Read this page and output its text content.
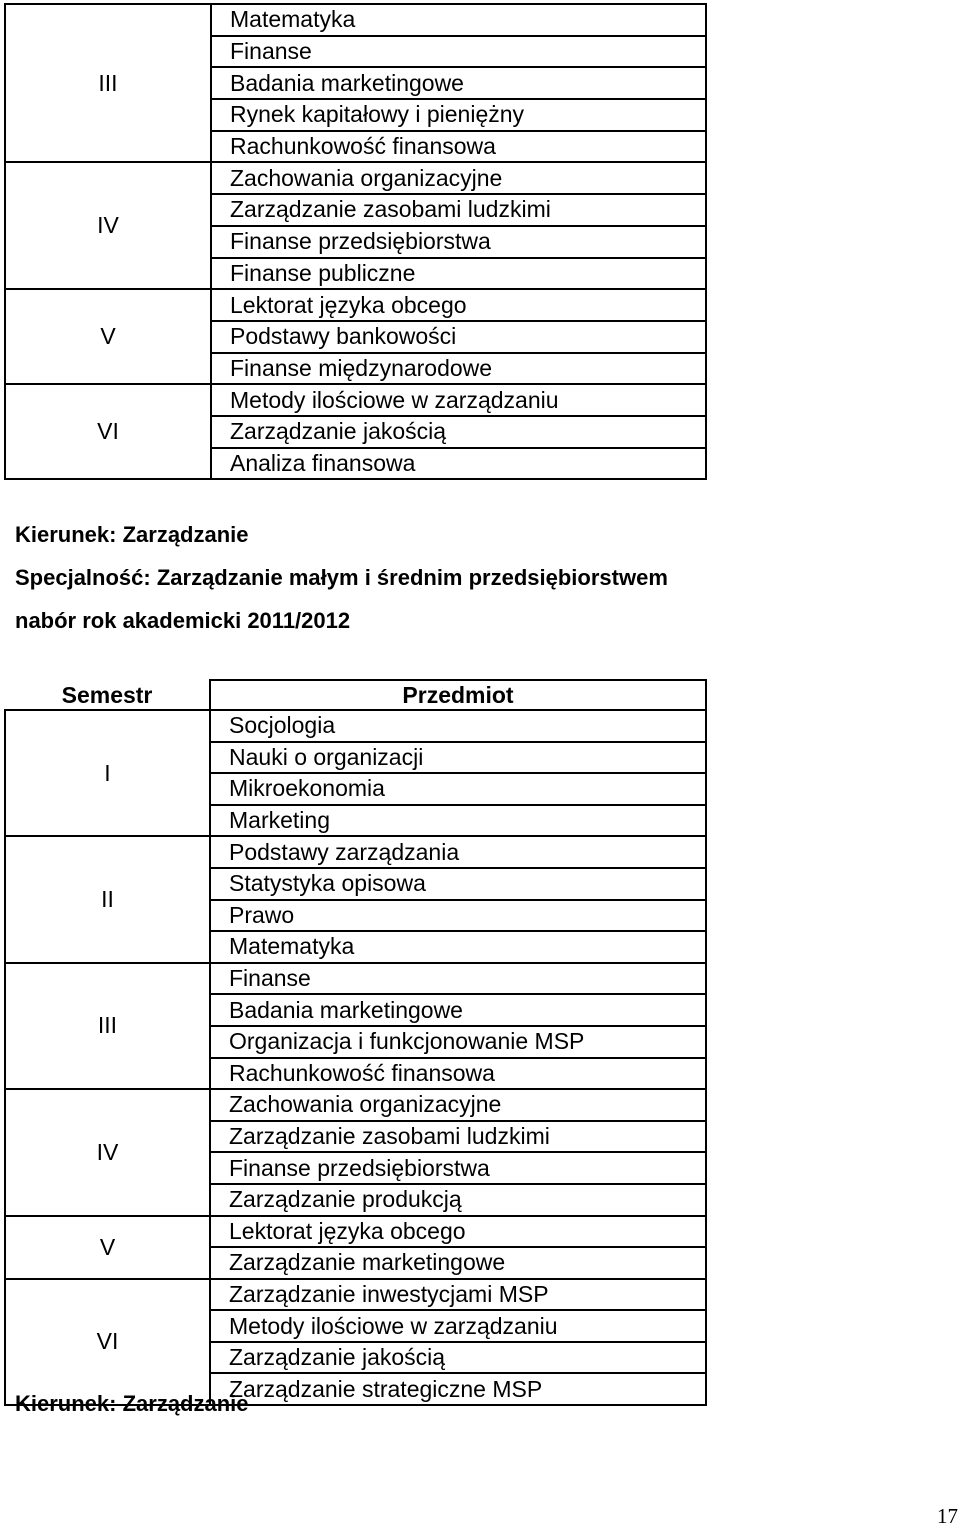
III	Matematyka
	Finanse
	Badania marketingowe
	Rynek kapitałowy i pieniężny
	Rachunkowość finansowa
IV	Zachowania organizacyjne
	Zarządzanie zasobami ludzkimi
	Finanse przedsiębiorstwa
	Finanse publiczne
V	Lektorat języka obcego
	Podstawy bankowości
	Finanse międzynarodowe
VI	Metody ilościowe w zarządzaniu
	Zarządzanie jakością
	Analiza finansowa
Kierunek: Zarządzanie
Specjalność: Zarządzanie małym i średnim przedsiębiorstwem
nabór rok akademicki 2011/2012
Semestr	Przedmiot
I	Socjologia
	Nauki o organizacji
	Mikroekonomia
	Marketing
II	Podstawy zarządzania
	Statystyka opisowa
	Prawo
	Matematyka
III	Finanse
	Badania marketingowe
	Organizacja i funkcjonowanie MSP
	Rachunkowość finansowa
IV	Zachowania organizacyjne
	Zarządzanie zasobami ludzkimi
	Finanse przedsiębiorstwa
	Zarządzanie produkcją
V	Lektorat języka obcego
	Zarządzanie marketingowe
VI	Zarządzanie inwestycjami MSP
	Metody ilościowe w zarządzaniu
	Zarządzanie jakością
	Zarządzanie strategiczne MSP
Kierunek: Zarządzanie
17
